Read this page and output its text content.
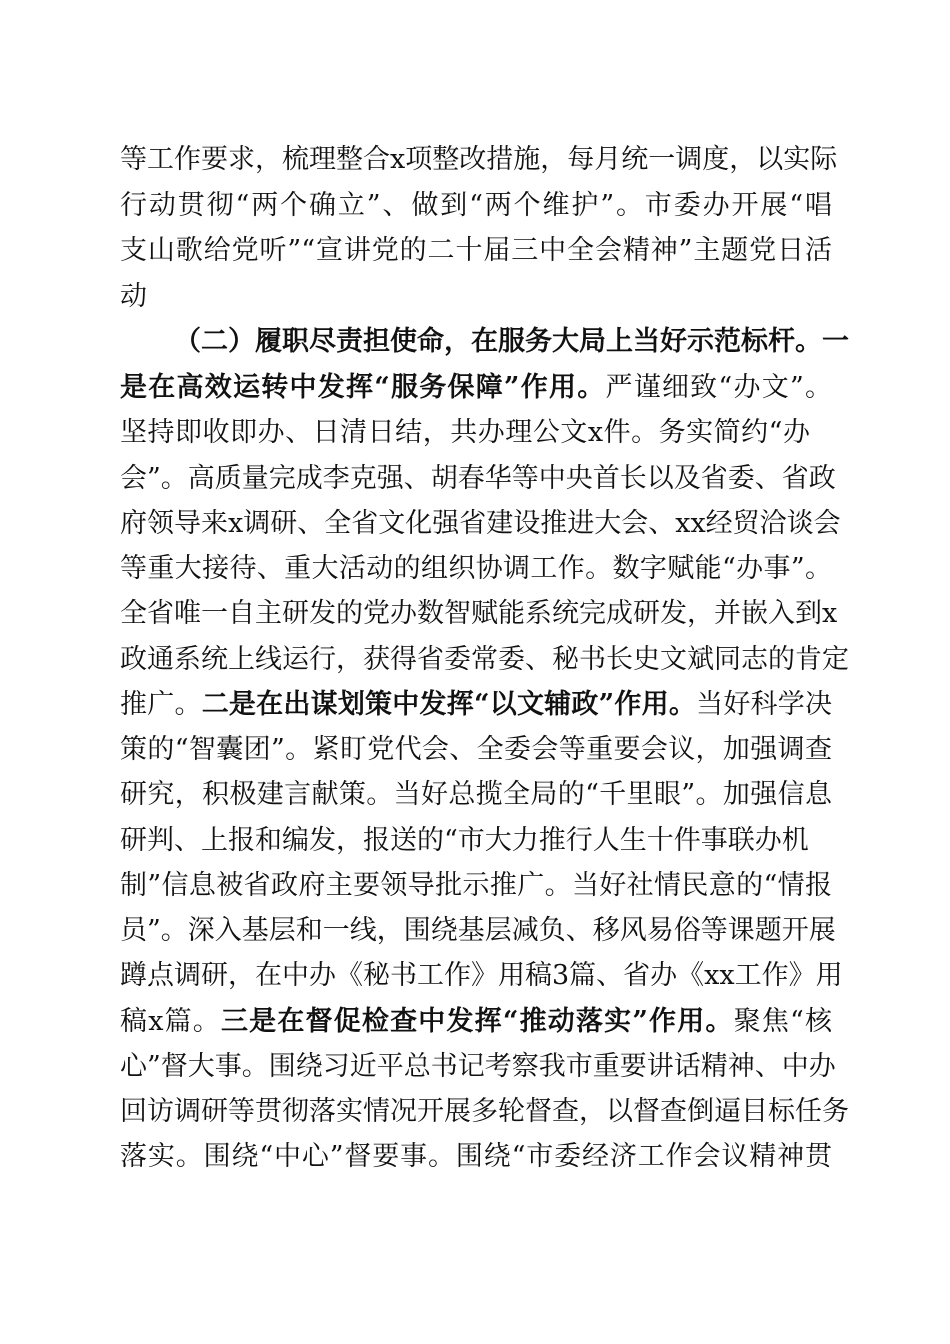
等工作要求，梳理整合x项整改措施，每月统一调度，以实际
行动贯彻“两个确立”、做到“两个维护”。市委办开展“唱
支山歌给党听”“宣讲党的二十届三中全会精神”主题党日活
动
（二）履职尽责担使命，在服务大局上当好示范标杆。一
是在高效运转中发挥“服务保障”作用。严谨细致“办文”。
坚持即收即办、日清日结，共办理公文x件。务实简约“办
会”。高质量完成李克强、胡春华等中央首长以及省委、省政
府领导来x调研、全省文化强省建设推进大会、xx经贸洽谈会
等重大接待、重大活动的组织协调工作。数字赋能“办事”。
全省唯一自主研发的党办数智赋能系统完成研发，并嵌入到x
政通系统上线运行，获得省委常委、秘书长史文斌同志的肯定
推广。二是在出谋划策中发挥“以文辅政”作用。当好科学决
策的“智囊团”。紧盯党代会、全委会等重要会议，加强调查
研究，积极建言献策。当好总揽全局的“千里眼”。加强信息
研判、上报和编发，报送的“市大力推行人生十件事联办机
制”信息被省政府主要领导批示推广。当好社情民意的“情报
员”。深入基层和一线，围绕基层减负、移风易俗等课题开展
蹲点调研，在中办《秘书工作》用稿3篇、省办《xx工作》用
稿x篇。三是在督促检查中发挥“推动落实”作用。聚焦“核
心”督大事。围绕习近平总书记考察我市重要讲话精神、中办
回访调研等贯彻落实情况开展多轮督查，以督查倒逼目标任务
落实。围绕“中心”督要事。围绕“市委经济工作会议精神贯
